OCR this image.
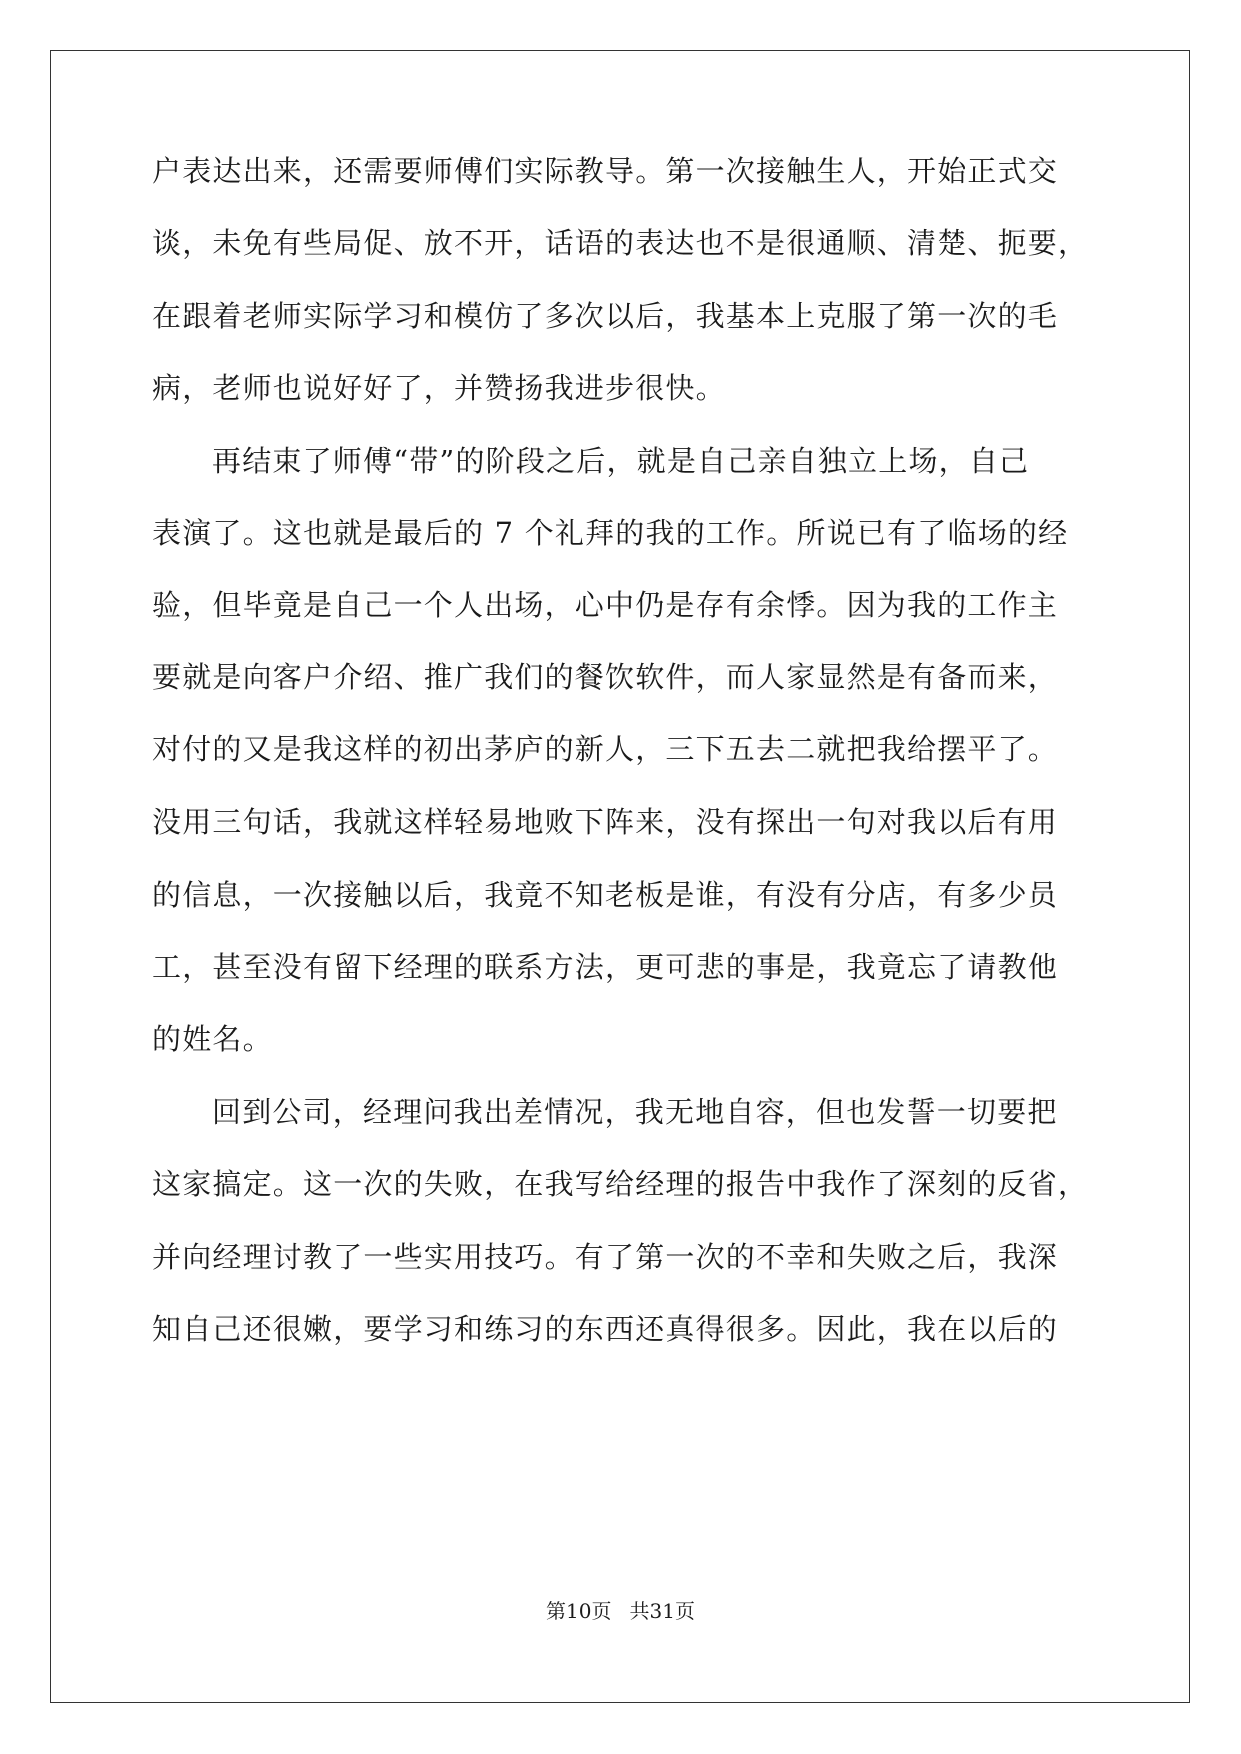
户表达出来，还需要师傅们实际教导。第一次接触生人，开始正式交
谈，未免有些局促、放不开，话语的表达也不是很通顺、清楚、扼要，
在跟着老师实际学习和模仿了多次以后，我基本上克服了第一次的毛
病，老师也说好好了，并赞扬我进步很快。
再结束了师傅“带”的阶段之后，就是自己亲自独立上场，自己
表演了。这也就是最后的 7 个礼拜的我的工作。所说已有了临场的经
验，但毕竟是自己一个人出场，心中仍是存有余悸。因为我的工作主
要就是向客户介绍、推广我们的餐饮软件，而人家显然是有备而来，
对付的又是我这样的初出茅庐的新人，三下五去二就把我给摆平了。
没用三句话，我就这样轻易地败下阵来，没有探出一句对我以后有用
的信息，一次接触以后，我竟不知老板是谁，有没有分店，有多少员
工，甚至没有留下经理的联系方法，更可悲的事是，我竟忘了请教他
的姓名。
回到公司，经理问我出差情况，我无地自容，但也发誓一切要把
这家搞定。这一次的失败，在我写给经理的报告中我作了深刻的反省，
并向经理讨教了一些实用技巧。有了第一次的不幸和失败之后，我深
知自己还很嫩，要学习和练习的东西还真得很多。因此，我在以后的
第10页 共31页
